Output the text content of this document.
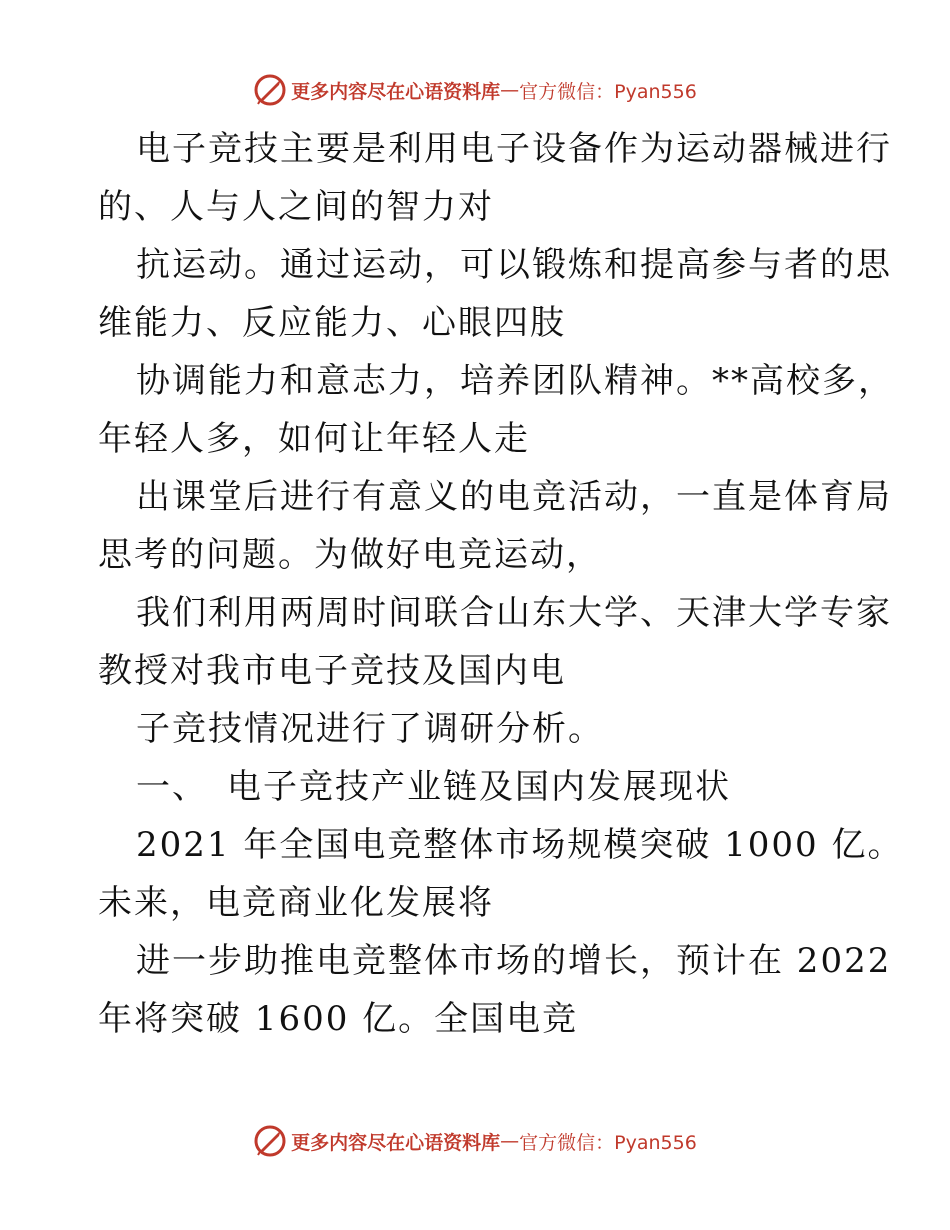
更多内容尽在心语资料库 — 官方微信：Pyan556
电子竞技主要是利用电子设备作为运动器械进行
的、人与人之间的智力对
抗运动。通过运动，可以锻炼和提高参与者的思
维能力、反应能力、心眼四肢
协调能力和意志力，培养团队精神。**高校多，
年轻人多，如何让年轻人走
出课堂后进行有意义的电竞活动，一直是体育局
思考的问题。为做好电竞运动，
我们利用两周时间联合山东大学、天津大学专家
教授对我市电子竞技及国内电
子竞技情况进行了调研分析。
一、　电子竞技产业链及国内发展现状
2021 年全国电竞整体市场规模突破 1000 亿。
未来，电竞商业化发展将
进一步助推电竞整体市场的增长，预计在 2022
年将突破 1600 亿。全国电竞
更多内容尽在心语资料库 — 官方微信：Pyan556
